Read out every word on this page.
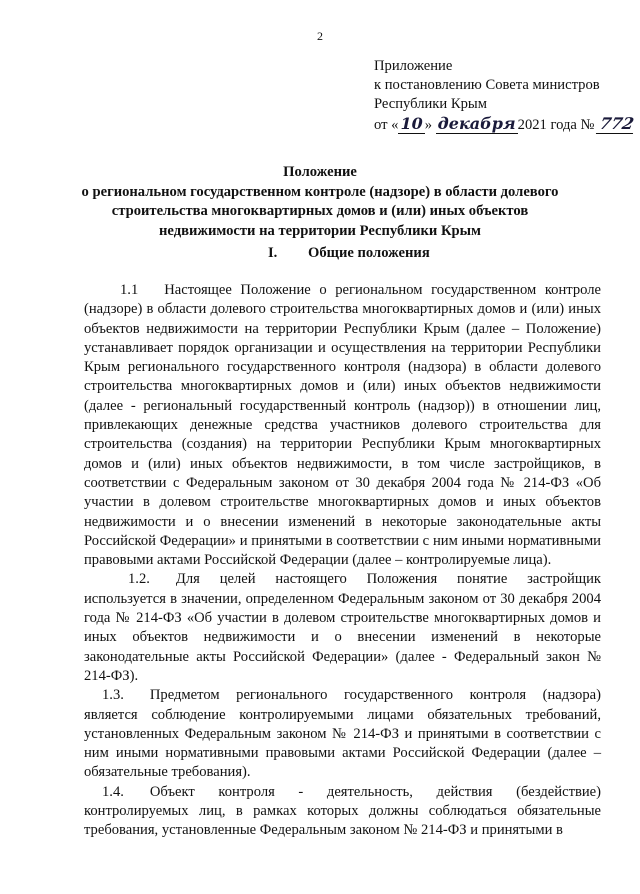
2
Приложение
к постановлению Совета министров
Республики Крым
от « 10 » декабря 2021 года № 772
Положение
о региональном государственном контроле (надзоре) в области долевого
строительства многоквартирных домов и (или) иных объектов
недвижимости на территории Республики Крым
I. Общие положения

1.1 Настоящее Положение о региональном государственном контроле (надзоре) в области долевого строительства многоквартирных домов и (или) иных объектов недвижимости на территории Республики Крым (далее – Положение) устанавливает порядок организации и осуществления на территории Республики Крым регионального государственного контроля (надзора) в области долевого строительства многоквартирных домов и (или) иных объектов недвижимости (далее - региональный государственный контроль (надзор)) в отношении лиц, привлекающих денежные средства участников долевого строительства для строительства (создания) на территории Республики Крым многоквартирных домов и (или) иных объектов недвижимости, в том числе застройщиков, в соответствии с Федеральным законом от 30 декабря 2004 года № 214-ФЗ «Об участии в долевом строительстве многоквартирных домов и иных объектов недвижимости и о внесении изменений в некоторые законодательные акты Российской Федерации» и принятыми в соответствии с ним иными нормативными правовыми актами Российской Федерации (далее – контролируемые лица).

1.2. Для целей настоящего Положения понятие застройщик используется в значении, определенном Федеральным законом от 30 декабря 2004 года № 214-ФЗ «Об участии в долевом строительстве многоквартирных домов и иных объектов недвижимости и о внесении изменений в некоторые законодательные акты Российской Федерации» (далее - Федеральный закон № 214-ФЗ).

1.3. Предметом регионального государственного контроля (надзора) является соблюдение контролируемыми лицами обязательных требований, установленных Федеральным законом № 214-ФЗ и принятыми в соответствии с ним иными нормативными правовыми актами Российской Федерации (далее – обязательные требования).

1.4. Объект контроля - деятельность, действия (бездействие) контролируемых лиц, в рамках которых должны соблюдаться обязательные требования, установленные Федеральным законом № 214-ФЗ и принятыми в
